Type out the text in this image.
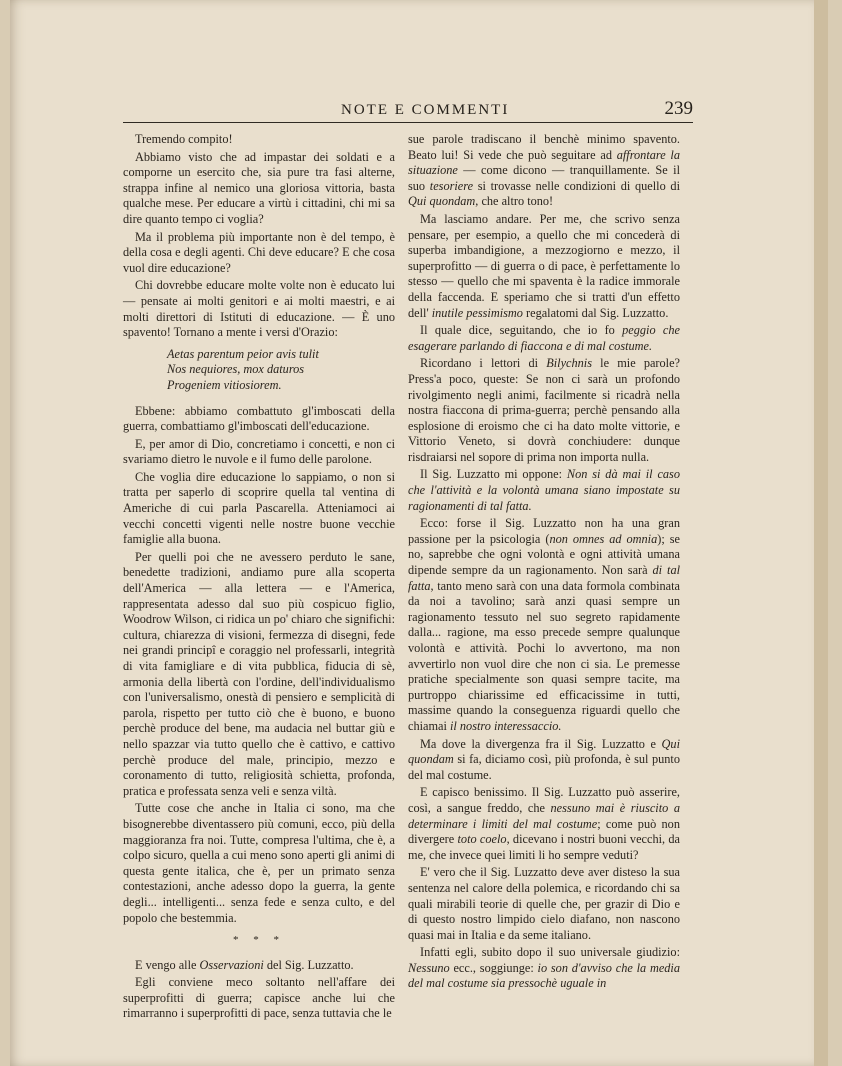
NOTE E COMMENTI	239

Tremendo compito!

Abbiamo visto che ad impastar dei soldati e a comporne un esercito che, sia pure tra fasi alterne, strappa infine al nemico una gloriosa vittoria, basta qualche mese. Per educare a virtù i cittadini, chi mi sa dire quanto tempo ci voglia?

Ma il problema più importante non è del tempo, è della cosa e degli agenti. Chi deve educare? E che cosa vuol dire educazione?

Chi dovrebbe educare molte volte non è educato lui — pensate ai molti genitori e ai molti maestri, e ai molti direttori di Istituti di educazione. — È uno spavento! Tornano a mente i versi d'Orazio:

Aetas parentum peior avis tulit
Nos nequiores, mox daturos
Progeniem vitiosiorem.

Ebbene: abbiamo combattuto gl'imboscati della guerra, combattiamo gl'imboscati dell'educazione.

E, per amor di Dio, concretiamo i concetti, e non ci svariamo dietro le nuvole e il fumo delle parolone.

Che voglia dire educazione lo sappiamo, o non si tratta per saperlo di scoprire quella tal ventina di Americhe di cui parla Pascarella. Atteniamoci ai vecchi concetti vigenti nelle nostre buone vecchie famiglie alla buona.

Per quelli poi che ne avessero perduto le sane, benedette tradizioni, andiamo pure alla scoperta dell'America — alla lettera — e l'America, rappresentata adesso dal suo più cospicuo figlio, Woodrow Wilson, ci ridica un po' chiaro che significhi: cultura, chiarezza di visioni, fermezza di disegni, fede nei grandi principî e coraggio nel professarli, integrità di vita famigliare e di vita pubblica, fiducia di sè, armonia della libertà con l'ordine, dell'individualismo con l'universalismo, onestà di pensiero e semplicità di parola, rispetto per tutto ciò che è buono, e buono perchè produce del bene, ma audacia nel buttar giù e nello spazzar via tutto quello che è cattivo, e cattivo perchè produce del male, principio, mezzo e coronamento di tutto, religiosità schietta, profonda, pratica e professata senza veli e senza viltà.

Tutte cose che anche in Italia ci sono, ma che bisognerebbe diventassero più comuni, ecco, più della maggioranza fra noi. Tutte, compresa l'ultima, che è, a colpo sicuro, quella a cui meno sono aperti gli animi di questa gente italica, che è, per un primato senza contestazioni, anche adesso dopo la guerra, la gente degli... intelligenti... senza fede e senza culto, e del popolo che bestemmia.

* * *

E vengo alle Osservazioni del Sig. Luzzatto.

Egli conviene meco soltanto nell'affare dei superprofitti di guerra; capisce anche lui che rimarranno i superprofitti di pace, senza tuttavia che le

sue parole tradiscano il benchè minimo spavento. Beato lui! Si vede che può seguitare ad affrontare la situazione — come dicono — tranquillamente. Se il suo tesoriere si trovasse nelle condizioni di quello di Qui quondam, che altro tono!

Ma lasciamo andare. Per me, che scrivo senza pensare, per esempio, a quello che mi concederà di superba imbandigione, a mezzogiorno e mezzo, il superprofitto — di guerra o di pace, è perfettamente lo stesso — quello che mi spaventa è la radice immorale della faccenda. E speriamo che si tratti d'un effetto dell' inutile pessimismo regalatomi dal Sig. Luzzatto.

Il quale dice, seguitando, che io fo peggio che esagerare parlando di fiaccona e di mal costume.

Ricordano i lettori di Bilychnis le mie parole? Press'a poco, queste: Se non ci sarà un profondo rivolgimento negli animi, facilmente si ricadrà nella nostra fiaccona di prima-guerra; perchè pensando alla esplosione di eroismo che ci ha dato molte vittorie, e Vittorio Veneto, si dovrà conchiudere: dunque risdraiarsi nel sopore di prima non importa nulla.

Il Sig. Luzzatto mi oppone: Non si dà mai il caso che l'attività e la volontà umana siano impostate su ragionamenti di tal fatta.

Ecco: forse il Sig. Luzzatto non ha una gran passione per la psicologia (non omnes ad omnia); se no, saprebbe che ogni volontà e ogni attività umana dipende sempre da un ragionamento. Non sarà di tal fatta, tanto meno sarà con una data formola combinata da noi a tavolino; sarà anzi quasi sempre un ragionamento tessuto nel suo segreto rapidamente dalla... ragione, ma esso precede sempre qualunque volontà e attività. Pochi lo avvertono, ma non avvertirlo non vuol dire che non ci sia. Le premesse pratiche specialmente son quasi sempre tacite, ma purtroppo chiarissime ed efficacissime in tutti, massime quando la conseguenza riguardi quello che chiamai il nostro interessaccio.

Ma dove la divergenza fra il Sig. Luzzatto e Qui quondam si fa, diciamo così, più profonda, è sul punto del mal costume.

E capisco benissimo. Il Sig. Luzzatto può asserire, così, a sangue freddo, che nessuno mai è riuscito a determinare i limiti del mal costume; come può non divergere toto coelo, dicevano i nostri buoni vecchi, da me, che invece quei limiti li ho sempre veduti?

E' vero che il Sig. Luzzatto deve aver disteso la sua sentenza nel calore della polemica, e ricordando chi sa quali mirabili teorie di quelle che, per grazir di Dio e di questo nostro limpido cielo diafano, non nascono quasi mai in Italia e da seme italiano.

Infatti egli, subito dopo il suo universale giudizio: Nessuno ecc., soggiunge: io son d'avviso che la media del mal costume sia pressochè uguale in
